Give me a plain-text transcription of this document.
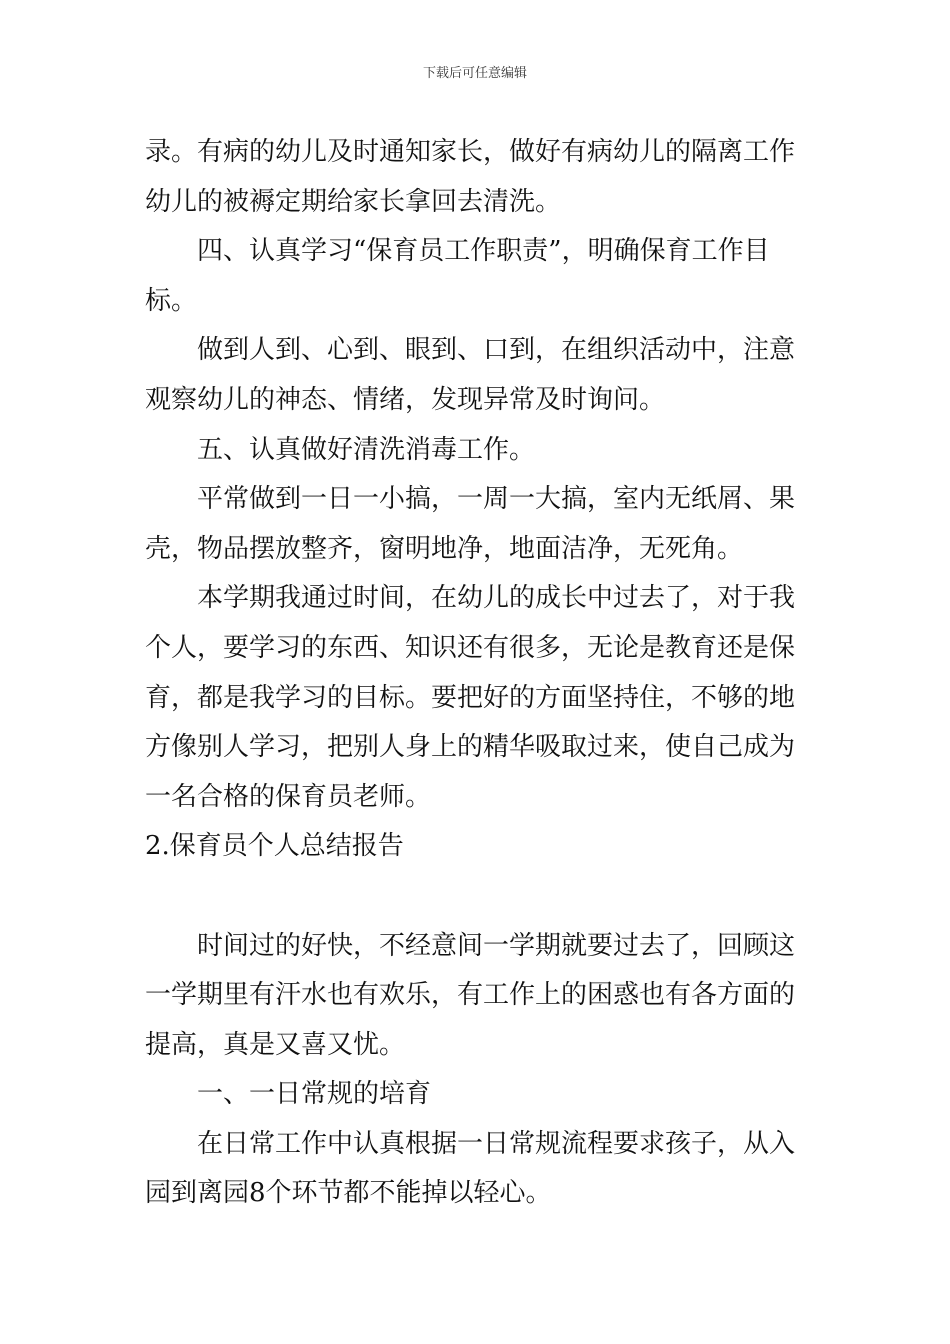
下载后可任意编辑
录。有病的幼儿及时通知家长，做好有病幼儿的隔离工作
幼儿的被褥定期给家长拿回去清洗。
四、认真学习“保育员工作职责”，明确保育工作目
标。
做到人到、心到、眼到、口到，在组织活动中，注意
观察幼儿的神态、情绪，发现异常及时询问。
五、认真做好清洗消毒工作。
平常做到一日一小搞，一周一大搞，室内无纸屑、果
壳，物品摆放整齐，窗明地净，地面洁净，无死角。
本学期我通过时间，在幼儿的成长中过去了，对于我
个人，要学习的东西、知识还有很多，无论是教育还是保
育，都是我学习的目标。要把好的方面坚持住，不够的地
方像别人学习，把别人身上的精华吸取过来，使自己成为
一名合格的保育员老师。
2.保育员个人总结报告
时间过的好快，不经意间一学期就要过去了，回顾这
一学期里有汗水也有欢乐，有工作上的困惑也有各方面的
提高，真是又喜又忧。
一、一日常规的培育
在日常工作中认真根据一日常规流程要求孩子，从入
园到离园8个环节都不能掉以轻心。
